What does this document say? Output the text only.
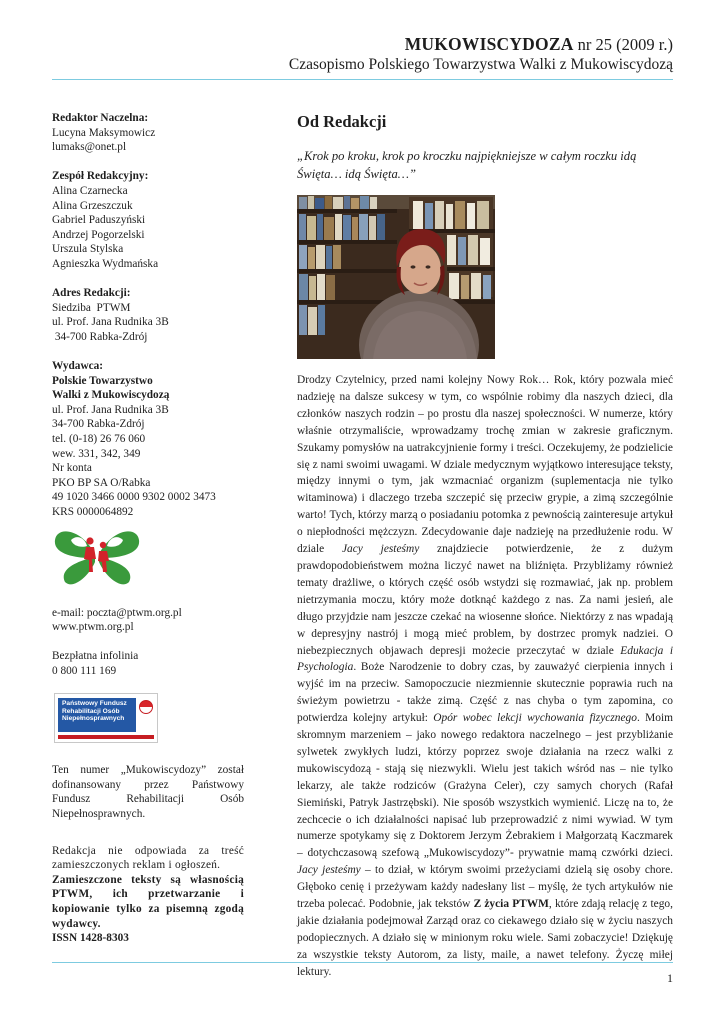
MUKOWISCYDOZA nr 25 (2009 r.)
Czasopismo Polskiego Towarzystwa Walki z Mukowiscydozą

Redaktor Naczelna:

Lucyna Maksymowicz

lumaks@onet.pl

Zespół Redakcyjny:

Alina Czarnecka

Alina Grzeszczuk

Gabriel Paduszyński

Andrzej Pogorzelski

Urszula Stylska

Agnieszka Wydmańska

Adres Redakcji:

Siedziba  PTWM

ul. Prof. Jana Rudnika 3B

34-700 Rabka-Zdrój

Wydawca:

Polskie Towarzystwo

Walki z Mukowiscydozą

ul. Prof. Jana Rudnika 3B

34-700 Rabka-Zdrój

tel. (0-18) 26 76 060

wew. 331, 342, 349

Nr konta

PKO BP SA O/Rabka

49 1020 3466 0000 9302 0002 3473

KRS 0000064892

e-mail: poczta@ptwm.org.pl

www.ptwm.org.pl

Bezpłatna infolinia

0 800 111 169

Państwowy Fundusz Rehabilitacji Osób Niepełnosprawnych

Ten numer „Mukowiscydozy” został dofinansowany przez Państwowy Fundusz Rehabilitacji Osób Niepełnosprawnych.

Redakcja nie odpowiada za treść zamieszczonych reklam i ogłoszeń.

Zamieszczone teksty są własnością PTWM, ich przetwarzanie i kopiowanie tylko za pisemną zgodą wydawcy.

ISSN 1428-8303

Od Redakcji

„Krok po kroku, krok po kroczku najpiękniejsze w całym roczku idą Święta… idą Święta…”

Drodzy Czytelnicy, przed nami kolejny Nowy Rok… Rok, który pozwala mieć nadzieję na dalsze sukcesy w tym, co wspólnie robimy dla naszych dzieci, dla członków naszych rodzin – po prostu dla naszej społeczności. W numerze, który właśnie otrzymaliście, wprowadzamy trochę zmian w zakresie graficznym. Szukamy pomysłów na uatrakcyjnienie formy i treści. Oczekujemy, że podzielicie się z nami swoimi uwagami. W dziale medycznym wyjątkowo interesujące teksty, między innymi o tym, jak wzmacniać organizm (suplementacja nie tylko witaminowa) i dlaczego trzeba szczepić się przeciw grypie, a zimą szczególnie warto! Tych, którzy marzą o posiadaniu potomka z pewnością zainteresuje artykuł o niepłodności mężczyzn. Zdecydowanie daje nadzieję na przedłużenie rodu. W dziale Jacy jesteśmy znajdziecie potwierdzenie, że z dużym prawdopodobieństwem można liczyć nawet na bliźnięta. Przybliżamy również tematy drażliwe, o których część osób wstydzi się rozmawiać, jak np. problem nietrzymania moczu, który może dotknąć każdego z nas. Za nami jesień, ale długo przyjdzie nam jeszcze czekać na wiosenne słońce. Niektórzy z nas wpadają w depresyjny nastrój i mogą mieć problem, by dostrzec promyk nadziei. O niebezpiecznych objawach depresji możecie przeczytać w dziale Edukacja i Psychologia. Boże Narodzenie to dobry czas, by zauważyć cierpienia innych i wyjść im na przeciw. Samopoczucie niezmiennie skutecznie poprawia ruch na świeżym powietrzu - także zimą. Część z nas chyba o tym zapomina, co potwierdza kolejny artykuł: Opór wobec lekcji wychowania fizycznego. Moim skromnym marzeniem – jako nowego redaktora naczelnego – jest przybliżanie sylwetek zwykłych ludzi, którzy poprzez swoje działania na rzecz walki z mukowiscydozą - stają się niezwykli. Wielu jest takich wśród nas – nie tylko lekarzy, ale także rodziców (Grażyna Celer), czy samych chorych (Rafał Siemiński, Patryk Jastrzębski). Nie sposób wszystkich wymienić. Liczę na to, że zechcecie o ich działalności napisać lub przeprowadzić z nimi wywiad. W tym numerze spotykamy się z Doktorem Jerzym Żebrakiem i Małgorzatą Kaczmarek – dotychczasową szefową „Mukowiscydozy”- prywatnie mamą czwórki dzieci. Jacy jesteśmy – to dział, w którym swoimi przeżyciami dzielą się osoby chore. Głęboko cenię i przeżywam każdy nadesłany list – myślę, że tych artykułów nie trzeba polecać. Podobnie, jak tekstów Z życia PTWM, które zdają relację z tego, jakie działania podejmował Zarząd oraz co ciekawego działo się w życiu naszych podopiecznych. A działo się w minionym roku wiele. Sami zobaczycie! Dziękuję za wszystkie teksty Autorom, za listy, maile, a nawet telefony. Życzę miłej lektury.	1
